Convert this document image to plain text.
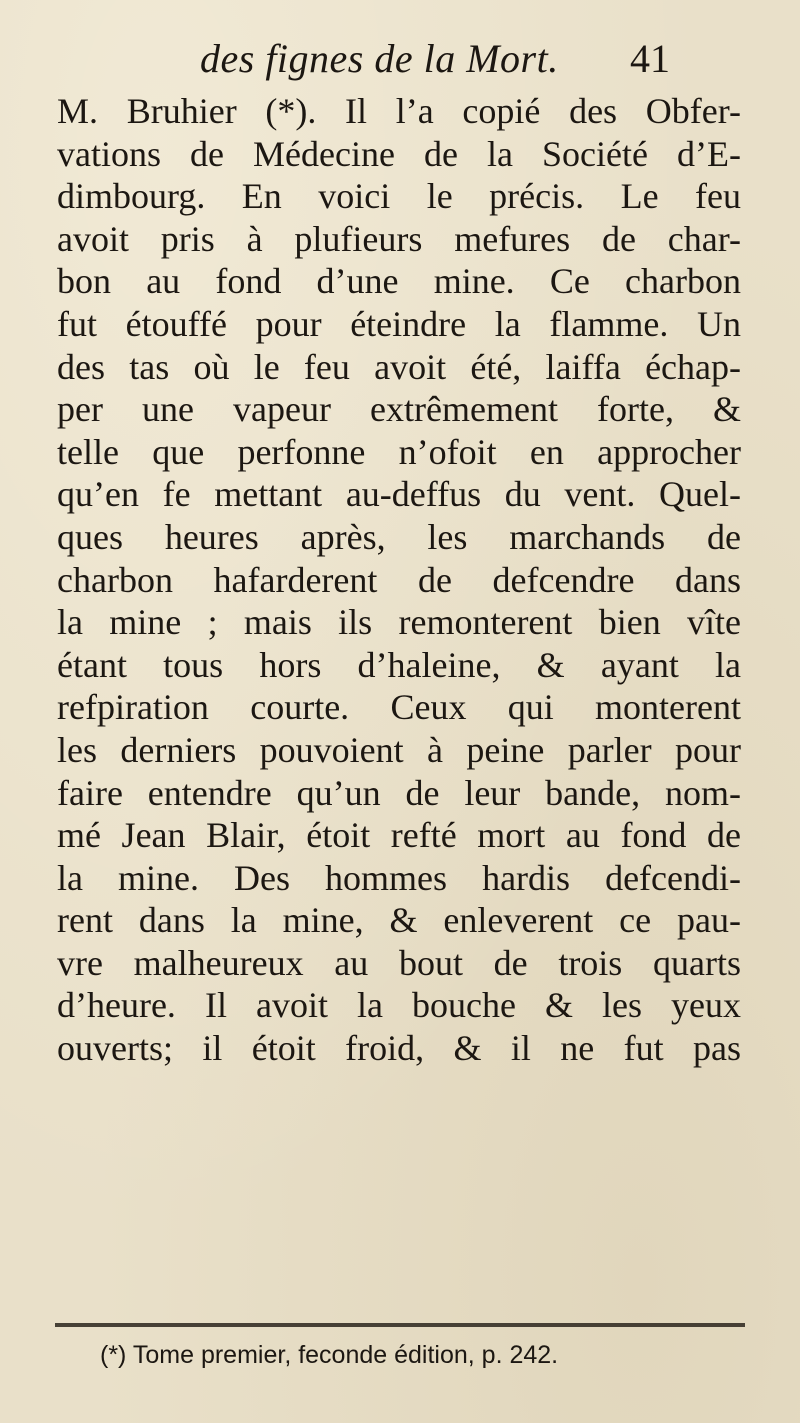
des fignes de la Mort. 41
M. Bruhier (*). Il l’a copié des Obfer-
vations de Médecine de la Société d’E-
dimbourg. En voici le précis. Le feu
avoit pris à plufieurs mefures de char-
bon au fond d’une mine. Ce charbon
fut étouffé pour éteindre la flamme. Un
des tas où le feu avoit été, laiffa échap-
per une vapeur extrêmement forte, &
telle que perfonne n’ofoit en approcher
qu’en fe mettant au-deffus du vent. Quel-
ques heures après, les marchands de
charbon hafarderent de defcendre dans
la mine ; mais ils remonterent bien vîte
étant tous hors d’haleine, & ayant la
refpiration courte. Ceux qui monterent
les derniers pouvoient à peine parler pour
faire entendre qu’un de leur bande, nom-
mé Jean Blair, étoit refté mort au fond de
la mine. Des hommes hardis defcendi-
rent dans la mine, & enleverent ce pau-
vre malheureux au bout de trois quarts
d’heure. Il avoit la bouche & les yeux
ouverts; il étoit froid, & il ne fut pas
(*) Tome premier, feconde édition, p. 242.
